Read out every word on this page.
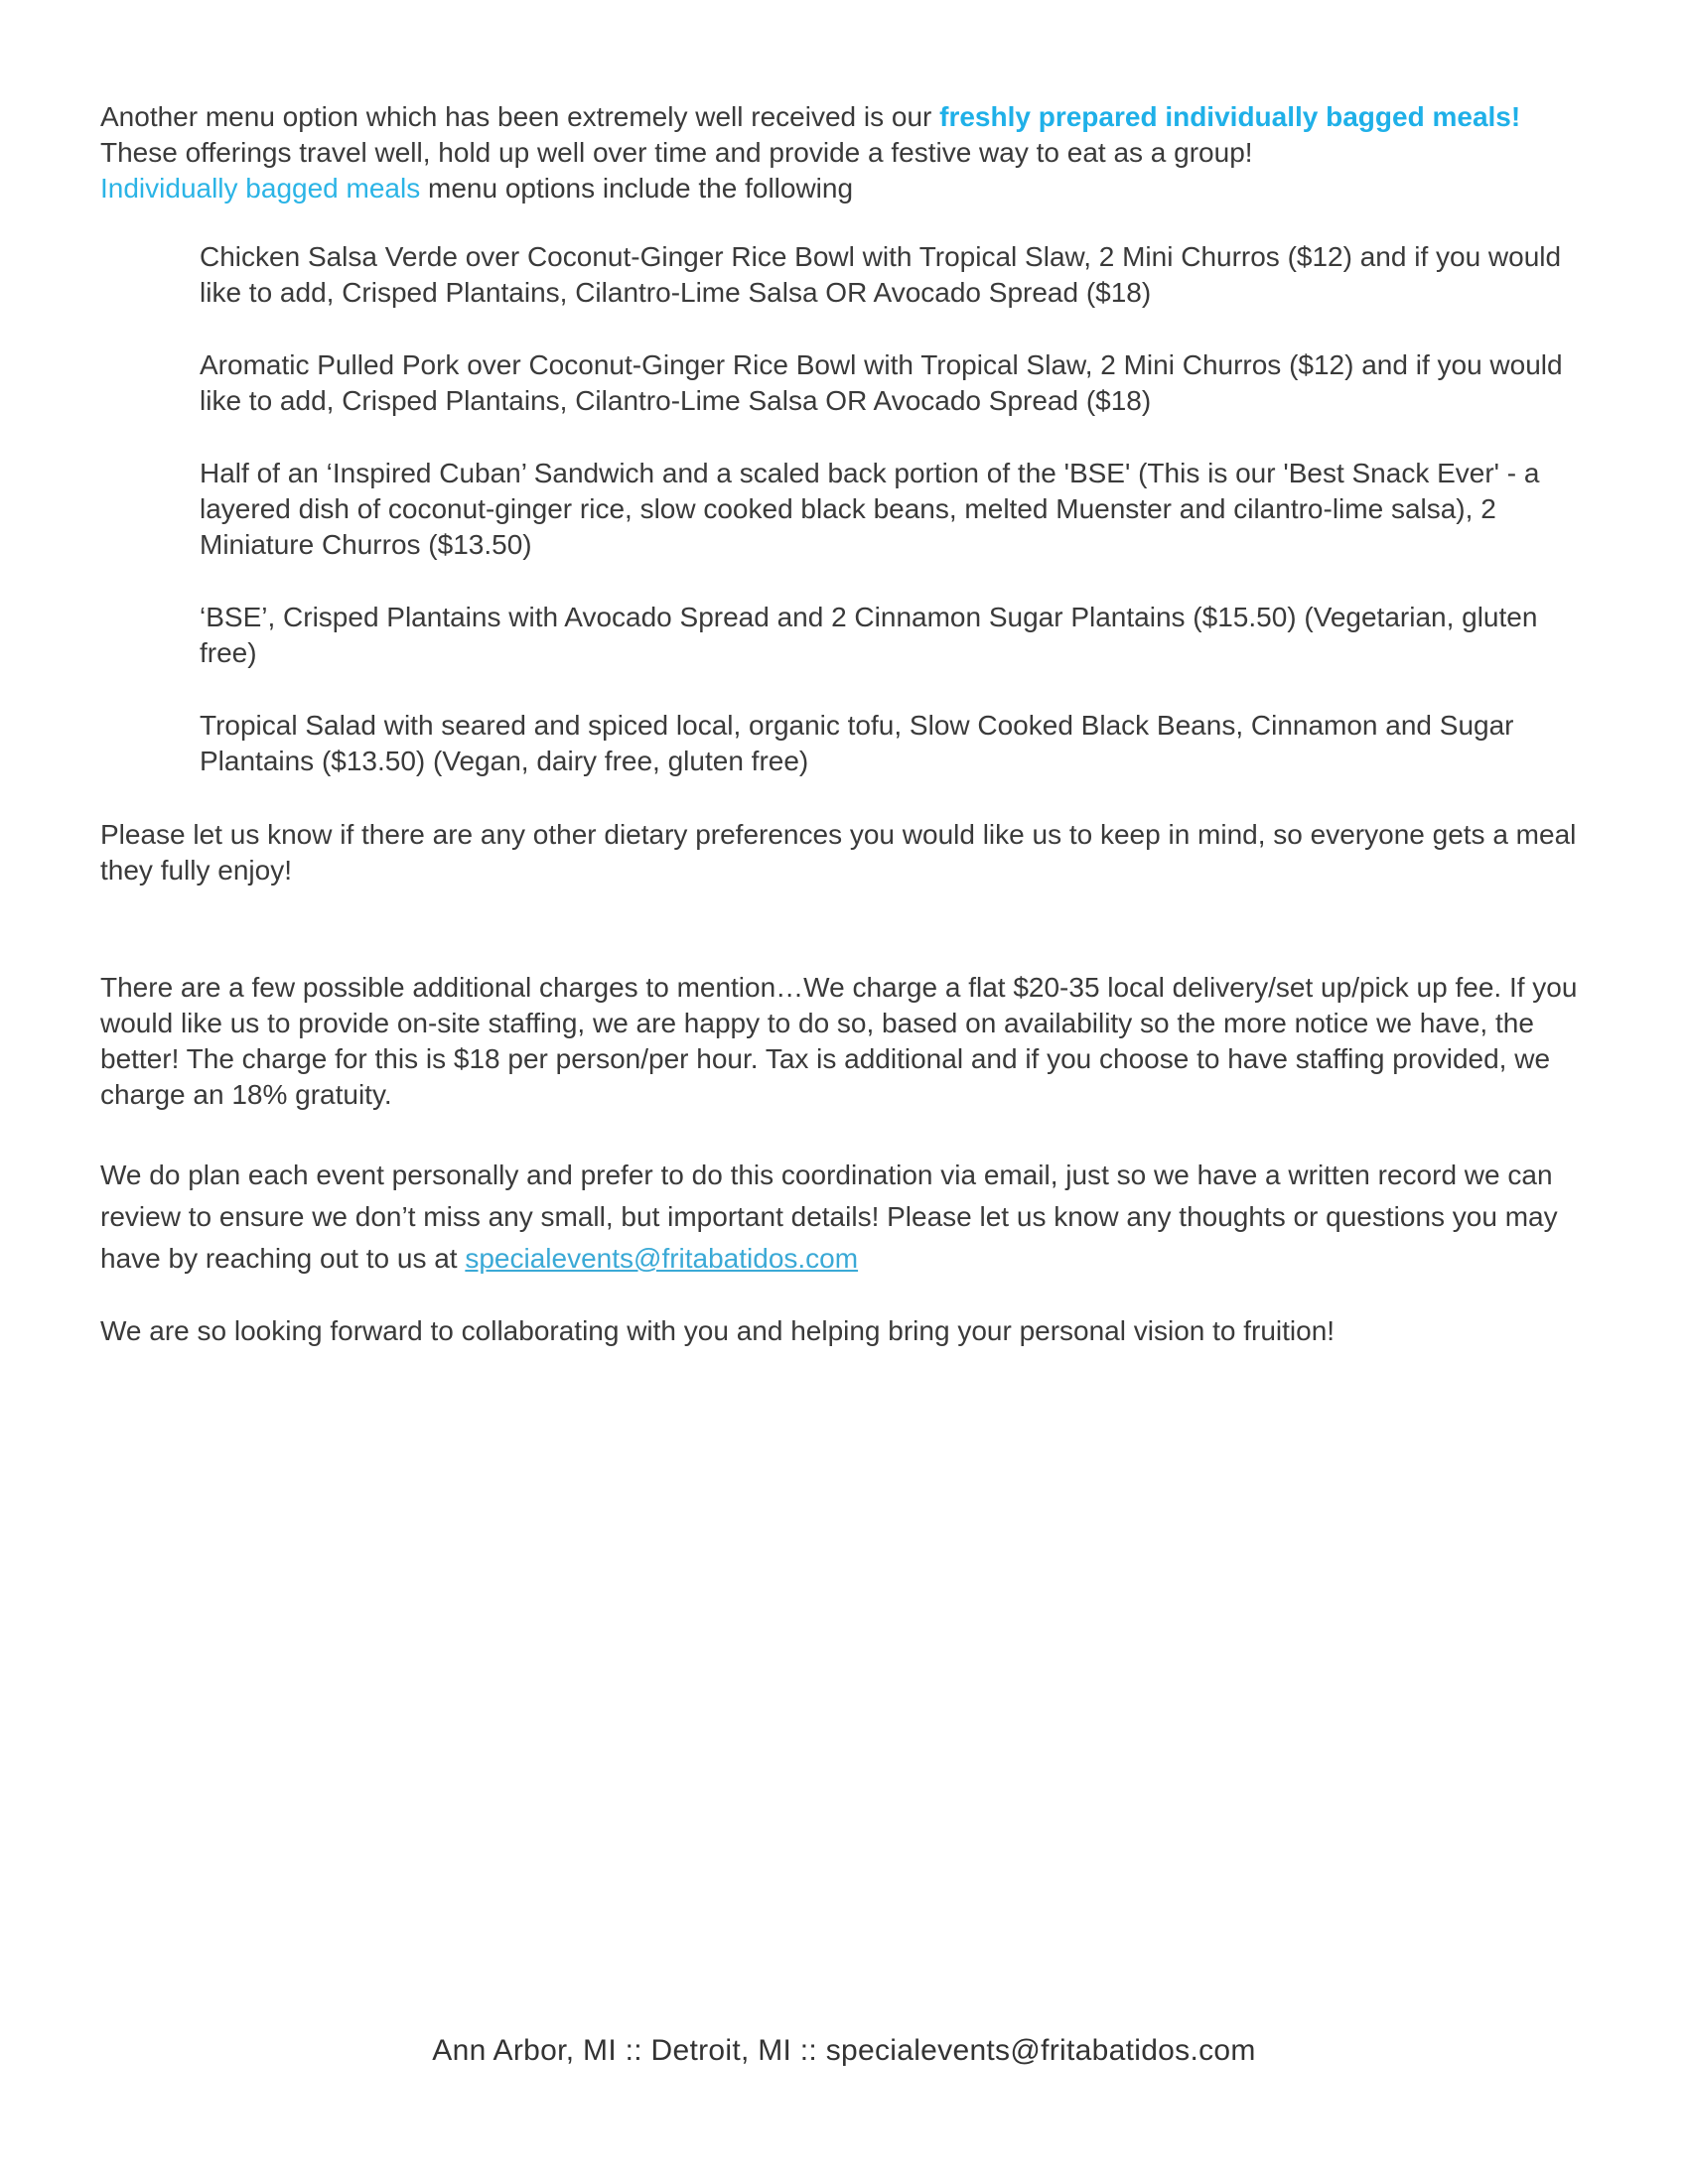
Another menu option which has been extremely well received is our freshly prepared individually bagged meals!

These offerings travel well, hold up well over time and provide a festive way to eat as a group!

Individually bagged meals menu options include the following

Chicken Salsa Verde over Coconut-Ginger Rice Bowl with Tropical Slaw, 2 Mini Churros ($12) and if you would like to add, Crisped Plantains, Cilantro-Lime Salsa OR Avocado Spread ($18)
Aromatic Pulled Pork over Coconut-Ginger Rice Bowl with Tropical Slaw, 2 Mini Churros ($12) and if you would like to add, Crisped Plantains, Cilantro-Lime Salsa OR Avocado Spread ($18)
Half of an ‘Inspired Cuban’ Sandwich and a scaled back portion of the 'BSE' (This is our 'Best Snack Ever' - a layered dish of coconut-ginger rice, slow cooked black beans, melted Muenster and cilantro-lime salsa), 2 Miniature Churros ($13.50)
‘BSE’, Crisped Plantains with Avocado Spread and 2 Cinnamon Sugar Plantains ($15.50) (Vegetarian, gluten free)
Tropical Salad with seared and spiced local, organic tofu, Slow Cooked Black Beans, Cinnamon and Sugar Plantains ($13.50) (Vegan, dairy free, gluten free)

Please let us know if there are any other dietary preferences you would like us to keep in mind, so everyone gets a meal they fully enjoy!

There are a few possible additional charges to mention…We charge a flat $20-35 local delivery/set up/pick up fee. If you would like us to provide on-site staffing, we are happy to do so, based on availability so the more notice we have, the better! The charge for this is $18 per person/per hour. Tax is additional and if you choose to have staffing provided, we charge an 18% gratuity.

We do plan each event personally and prefer to do this coordination via email, just so we have a written record we can review to ensure we don’t miss any small, but important details! Please let us know any thoughts or questions you may have by reaching out to us at specialevents@fritabatidos.com

We are so looking forward to collaborating with you and helping bring your personal vision to fruition!

Ann Arbor, MI :: Detroit, MI :: specialevents@fritabatidos.com
